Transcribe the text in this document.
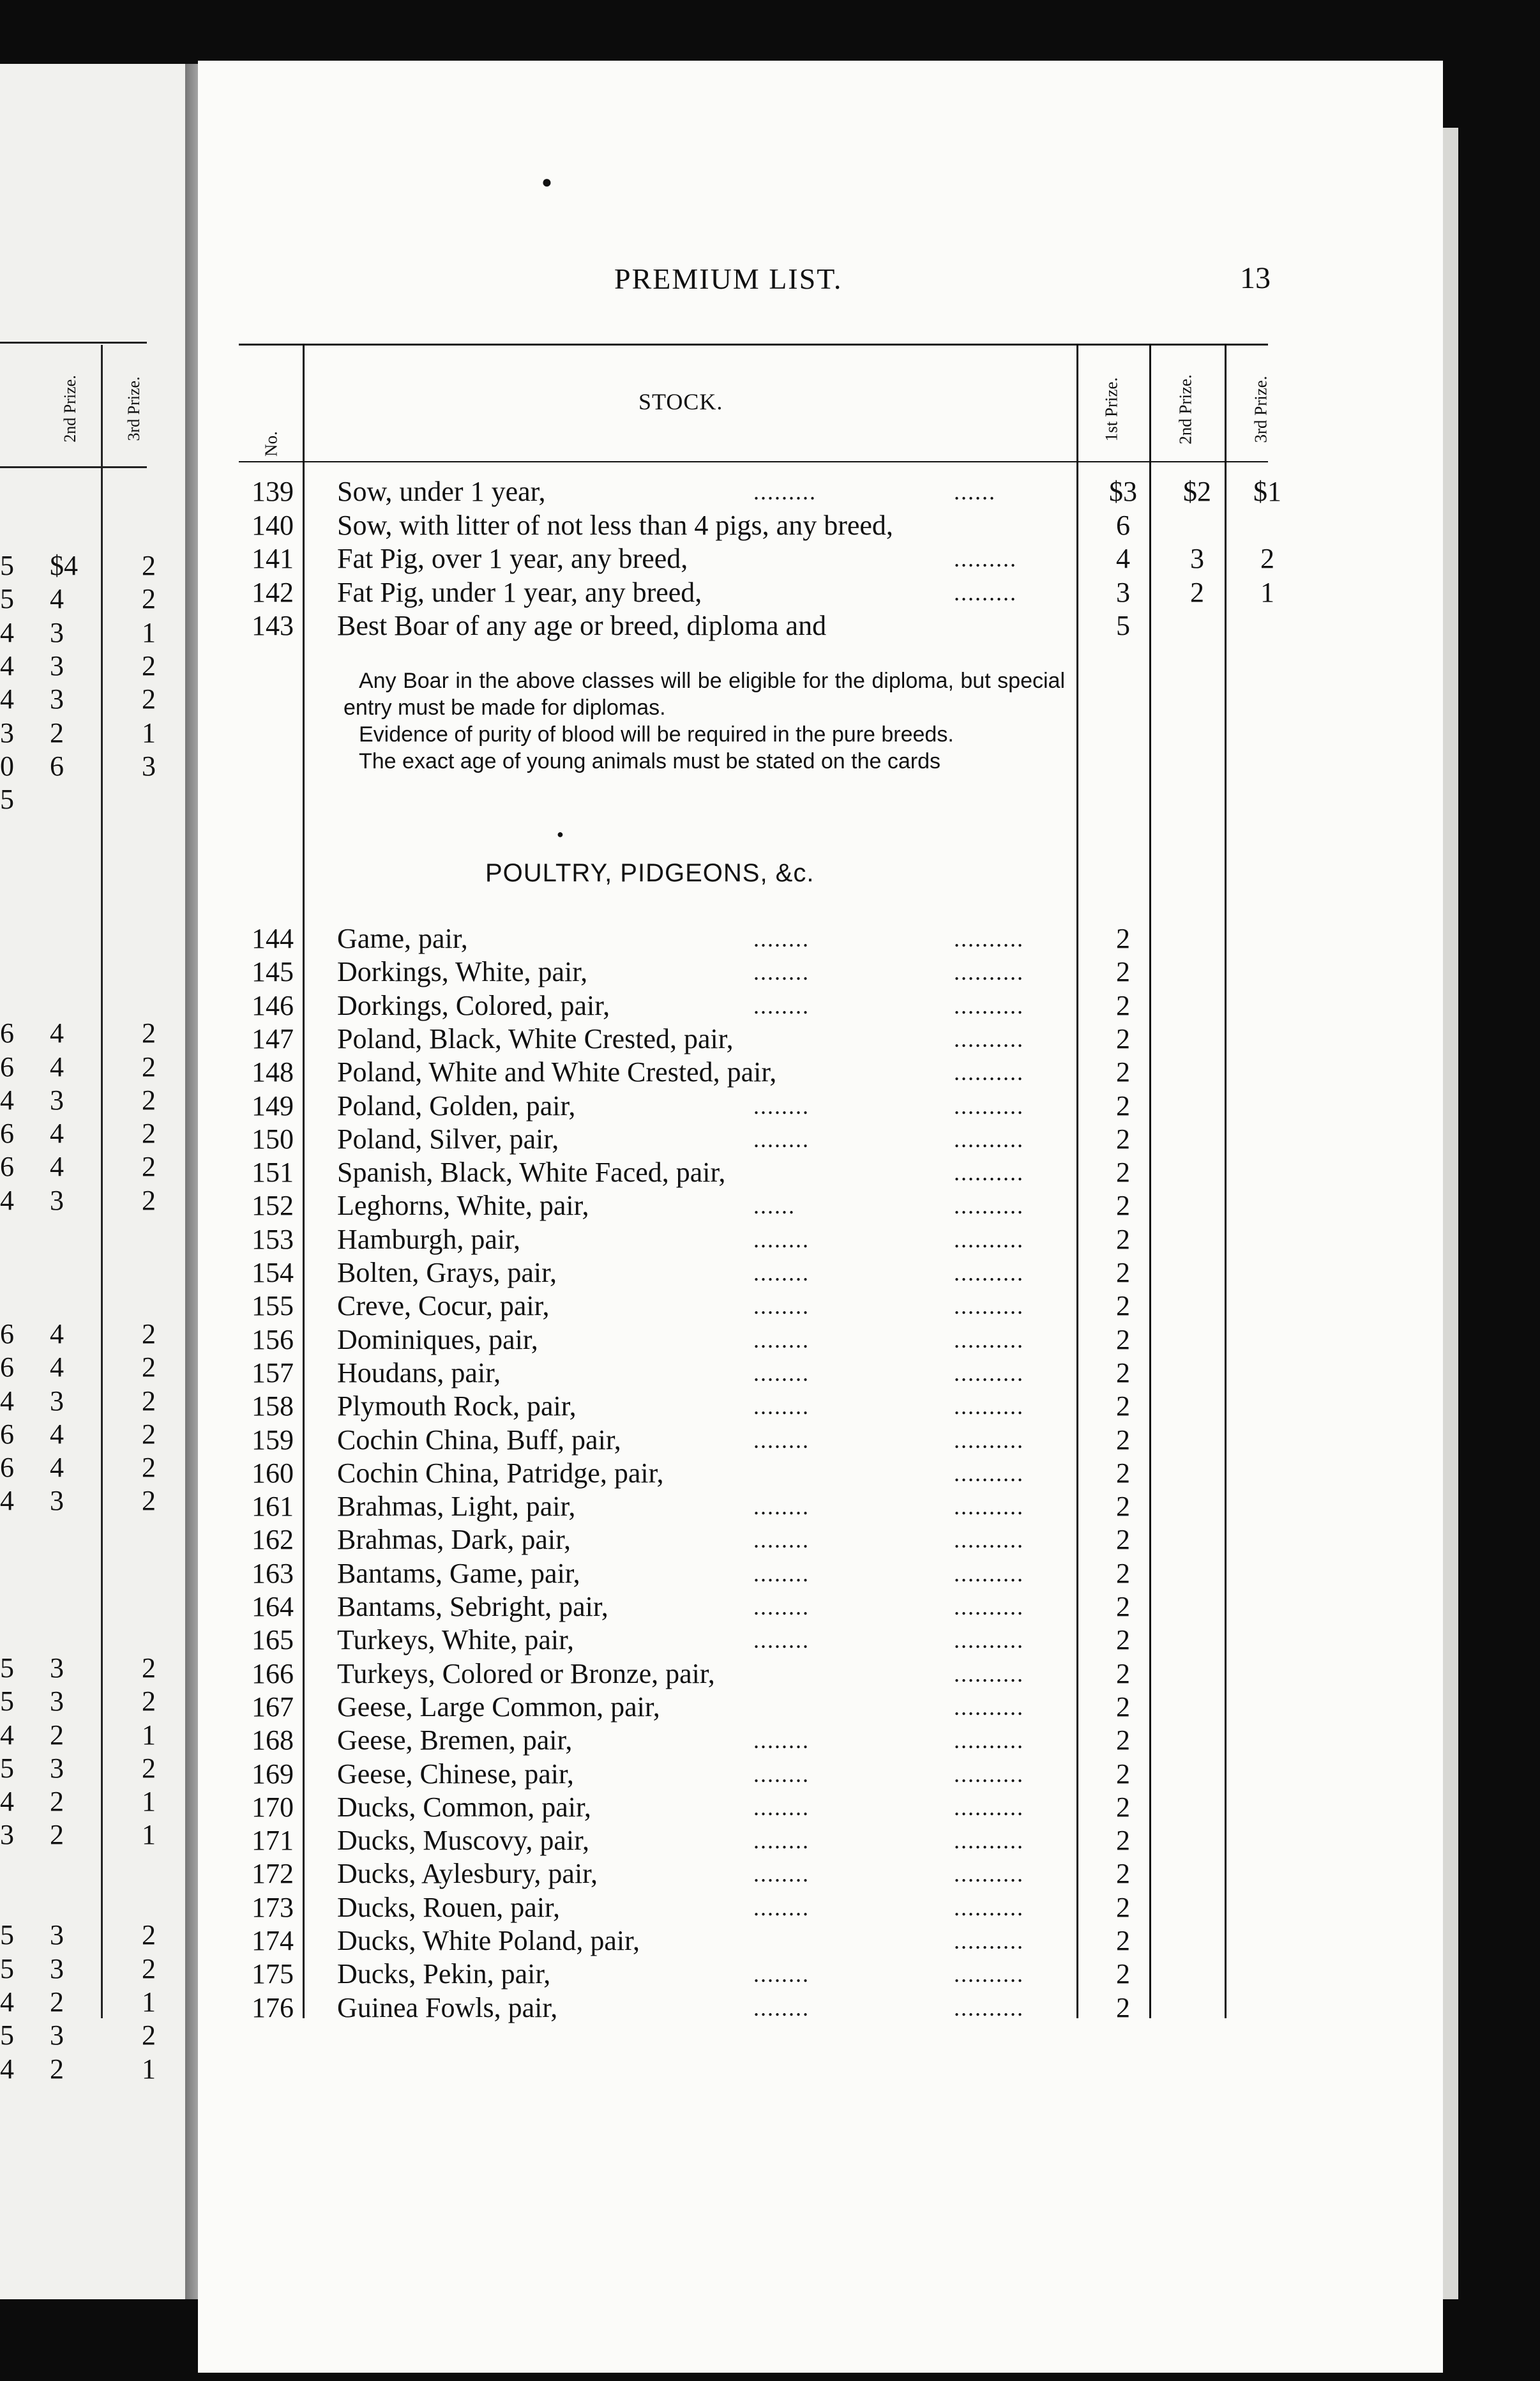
●
2nd Prize.	3rd Prize.
5 $4 2
5 4	2
4 3	1
4 3	2
4 3	2
3 2	1
0 6	3
5
6 4	2
6 4	2
4 3	2
6 4	2
6 4	2
4 3	2
6 4	2
6 4	2
4 3	2
6 4	2
6 4	2
4 3	2
5 3	2
5 3	2
4 2	1
5 3	2
4 2	1
3 2	1
5 3	2
5 3	2
4 2	1
5 3	2
4 2	1
PREMIUM LIST.	13
No.
STOCK.	1st Prize.	2nd Prize.	3rd Prize.
139 Sow, under 1 year,	.........	......	$3 $2 $1
140 Sow, with litter of not less than 4 pigs, any breed,	6
141 Fat Pig, over 1 year, any breed,	.........	4	3	2
142 Fat Pig, under 1 year, any breed,	.........	3	2	1
143 Best Boar of any age or breed, diploma and	5

Any Boar in the above classes will be eligible for the diploma, but special entry must be made for diplomas.

Evidence of purity of blood will be required in the pure breeds.

The exact age of young animals must be stated on the cards

●
POULTRY, PIDGEONS, &c.
144 Game, pair,	........	..........	2
145 Dorkings, White, pair,	........	..........	2
146 Dorkings, Colored, pair,	........	..........	2
147 Poland, Black, White Crested, pair,	..........	2
148 Poland, White and White Crested, pair,	..........	2
149 Poland, Golden, pair,	........	..........	2
150 Poland, Silver, pair,	........	..........	2
151 Spanish, Black, White Faced, pair,	..........	2
152 Leghorns, White, pair,	......	..........	2
153 Hamburgh, pair,	........	..........	2
154 Bolten, Grays, pair,	........	..........	2
155 Creve, Cocur, pair,	........	..........	2
156 Dominiques, pair,	........	..........	2
157 Houdans, pair,	........	..........	2
158 Plymouth Rock, pair,	........	..........	2
159 Cochin China, Buff, pair,	........	..........	2
160 Cochin China, Patridge, pair,	..........	2
161 Brahmas, Light, pair,	........	..........	2
162 Brahmas, Dark, pair,	........	..........	2
163 Bantams, Game, pair,	........	..........	2
164 Bantams, Sebright, pair,	........	..........	2
165 Turkeys, White, pair,	........	..........	2
166 Turkeys, Colored or Bronze, pair,	..........	2
167 Geese, Large Common, pair,	..........	2
168 Geese, Bremen, pair,	........	..........	2
169 Geese, Chinese, pair,	........	..........	2
170 Ducks, Common, pair,	........	..........	2
171 Ducks, Muscovy, pair,	........	..........	2
172 Ducks, Aylesbury, pair,	........	..........	2
173 Ducks, Rouen, pair,	........	..........	2
174 Ducks, White Poland, pair,	..........	2
175 Ducks, Pekin, pair,	........	..........	2
176 Guinea Fowls, pair,	........	..........	2
